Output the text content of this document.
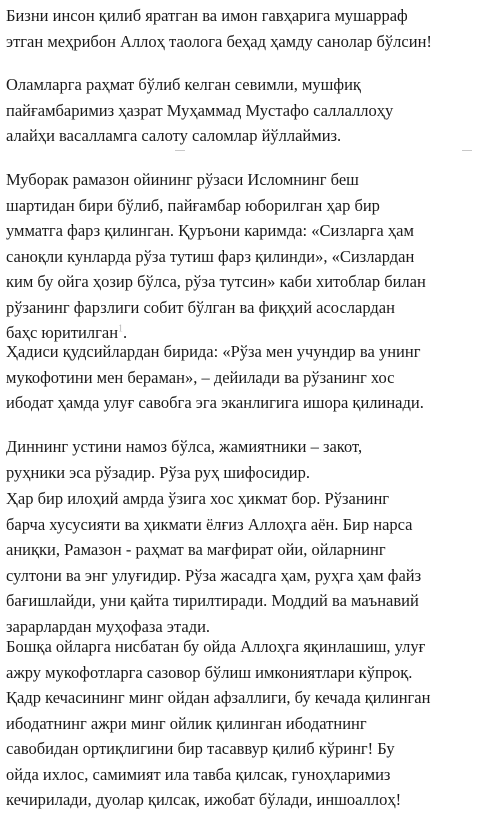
Бизни инсон қилиб яратган ва имон гавҳарига мушарраф
этган меҳрибон Аллоҳ таолога беҳад ҳамду санолар бўлсин!

Оламларга раҳмат бўлиб келган севимли, мушфиқ
пайғамбаримиз ҳазрат Муҳаммад Мустафо саллаллоҳу
алайҳи васалламга салоту саломлар йўллаймиз.

Муборак рамазон ойининг рўзаси Исломнинг беш
шартидан бири бўлиб, пайғамбар юборилган ҳар бир
умматга фарз қилинган. Қуръони каримда: «Сизларга ҳам
саноқли кунларда рўза тутиш фарз қилинди», «Сизлардан
ким бу ойга ҳозир бўлса, рўза тутсин» каби хитоблар билан
рўзанинг фарзлиги собит бўлган ва фиқҳий асослардан
баҳс юритилган$^1$.

Ҳадиси қудсийлардан бирида: «Рўза мен учундир ва унинг
мукофотини мен бераман», – дейилади ва рўзанинг хос
ибодат ҳамда улуғ савобга эга эканлигига ишора қилинади.

Диннинг устини намоз бўлса, жамиятники – закот,
руҳники эса рўзадир. Рўза руҳ шифосидир.

Ҳар бир илоҳий амрда ўзига хос ҳикмат бор. Рўзанинг
барча хусусияти ва ҳикмати ёлғиз Аллоҳга аён. Бир нарса
аниқки, Рамазон - раҳмат ва мағфират ойи, ойларнинг
султони ва энг улуғидир. Рўза жасадга ҳам, руҳга ҳам файз
бағишлайди, уни қайта тирилтиради. Моддий ва маънавий
зарарлардан муҳофаза этади.

Бошқа ойларга нисбатан бу ойда Аллоҳга яқинлашиш, улуғ
ажру мукофотларга сазовор бўлиш имкониятлари кўпроқ.
Қадр кечасининг минг ойдан афзаллиги, бу кечада қилинган
ибодатнинг ажри минг ойлик қилинган ибодатнинг
савобидан ортиқлигини бир тасаввур қилиб кўринг! Бу
ойда ихлос, самимият ила тавба қилсак, гуноҳларимиз
кечирилади, дуолар қилсак, ижобат бўлади, иншоаллоҳ!
